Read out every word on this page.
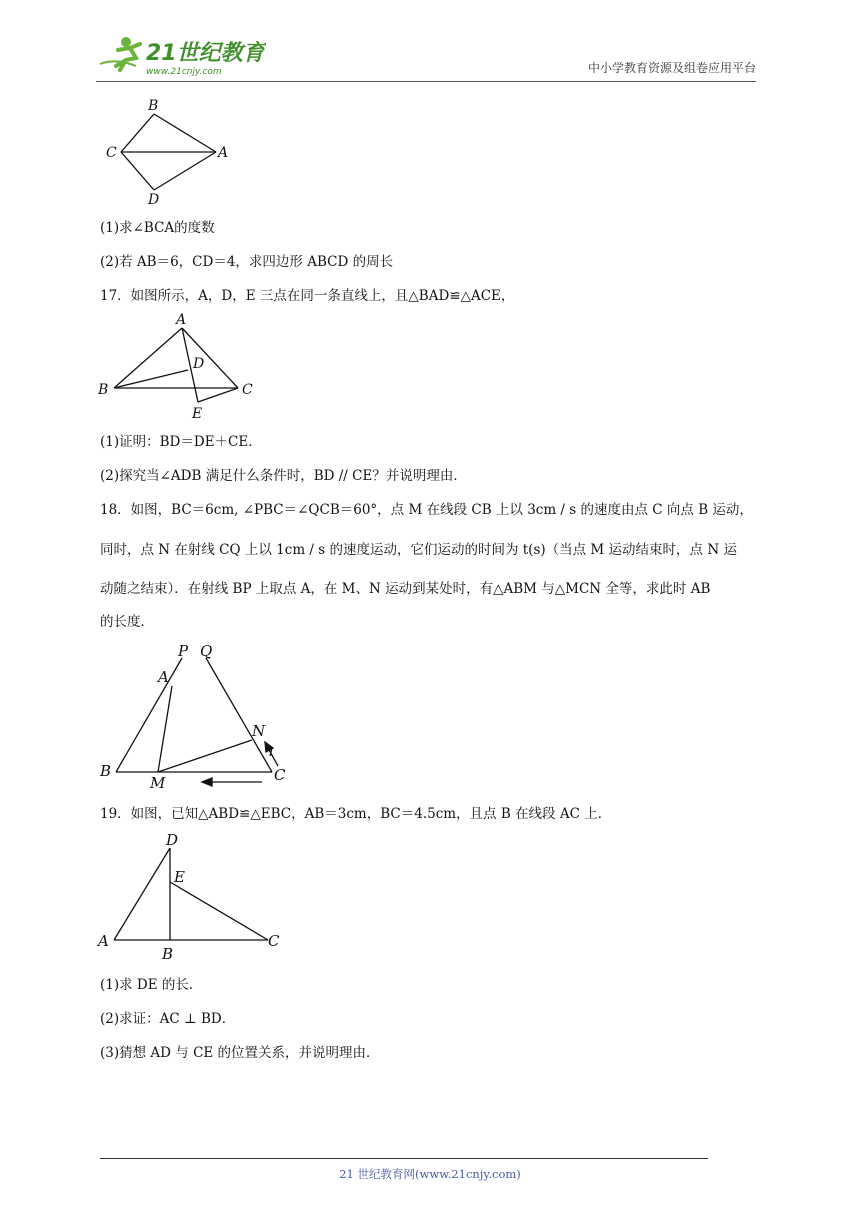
21世纪教育
www.21cnjy.com	中小学教育资源及组卷应用平台
B
C	A
D
(1)求∠BCA的度数
(2)若 AB＝6，CD＝4，求四边形 ABCD 的周长
17．如图所示，A，D，E 三点在同一条直线上，且△BAD≌△ACE，
A
D
B	C
E
(1)证明：BD＝DE＋CE．
(2)探究当∠ADB 满足什么条件时，BD // CE？并说明理由．
18．如图，BC＝6cm, ∠PBC＝∠QCB＝60°，点 M 在线段 CB 上以 3cm / s 的速度由点 C 向点 B 运动，
同时，点 N 在射线 CQ 上以 1cm / s 的速度运动，它们运动的时间为 t(s)（当点 M 运动结束时，点 N 运
动随之结束）．在射线 BP 上取点 A，在 M、N 运动到某处时，有△ABM 与△MCN 全等，求此时 AB
的长度．
P Q
A
N
B
M	C
19．如图，已知△ABD≌△EBC，AB＝3cm，BC＝4.5cm，且点 B 在线段 AC 上．
D
E
A
B
C
(1)求 DE 的长．
(2)求证：AC ⊥ BD．
(3)猜想 AD 与 CE 的位置关系，并说明理由．
21 世纪教育网(www.21cnjy.com)
